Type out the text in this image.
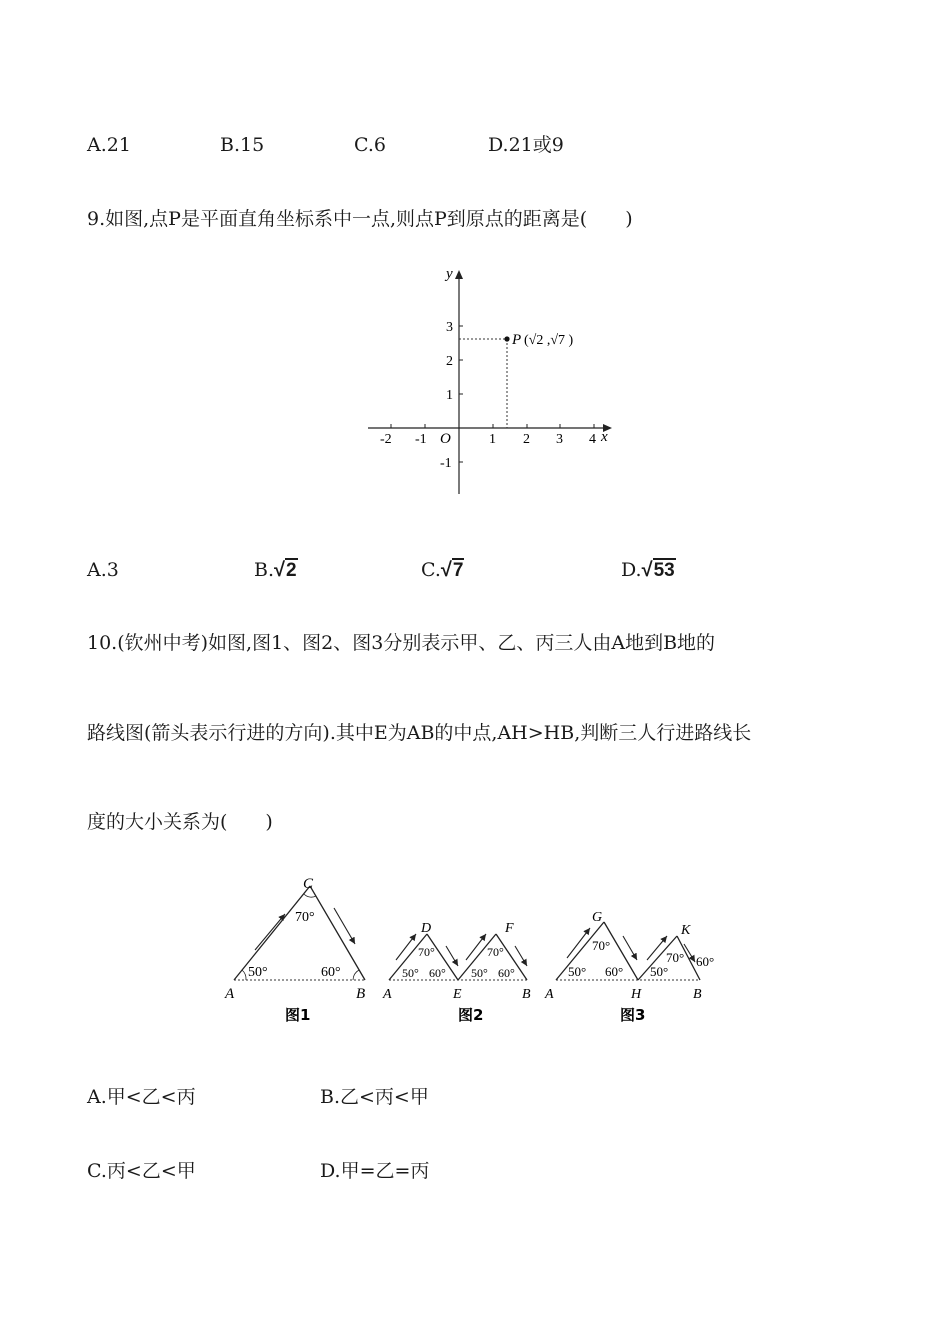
A.21	B.15	C.6	D.21或9
9.如图,点P是平面直角坐标系中一点,则点P到原点的距离是(　　)
y
x
O
-2 -1	1 2 3 4
3
2
1
-1
P (√2 ,√7 )
A.3	B.√2	C.√7	D.√53
10.(钦州中考)如图,图1、图2、图3分别表示甲、乙、丙三人由A地到B地的
路线图(箭头表示行进的方向).其中E为AB的中点,AH>HB,判断三人行进路线长
度的大小关系为(　　)
C
A	B
70°
50°	60°
图1
D	F
A	E	B
70°
50° 60°
70°
50° 60°
图2
G
K
A	H	B
70°
50° 60°
70°
50°
60°
图3
A.甲<乙<丙	B.乙<丙<甲
C.丙<乙<甲	D.甲=乙=丙
